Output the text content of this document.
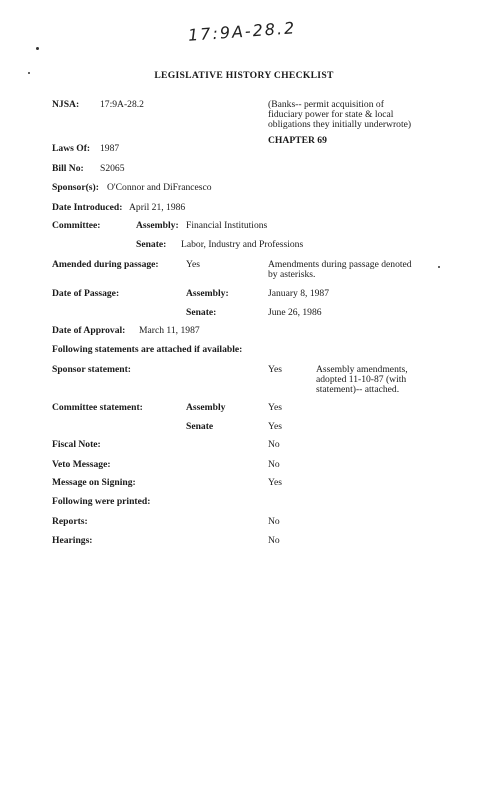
17:9A-28.2
LEGISLATIVE HISTORY CHECKLIST
NJSA: 17:9A-28.2	(Banks-- permit acquisition of
fiduciary power for state & local
obligations they initially underwrote)
CHAPTER 69
Laws Of: 1987
Bill No: S2065
Sponsor(s): O'Connor and DiFrancesco
Date Introduced: April 21, 1986
Committee:	Assembly: Financial Institutions
Senate: Labor, Industry and Professions
Amended during passage:	Yes	Amendments during passage denoted
by asterisks.
Date of Passage:	Assembly:	January 8, 1987
Senate:	June 26, 1986
Date of Approval: March 11, 1987
Following statements are attached if available:
Sponsor statement:	Yes	Assembly amendments,
adopted 11-10-87 (with
statement)-- attached.
Committee statement:	Assembly	Yes
Senate	Yes
Fiscal Note:	No
Veto Message:	No
Message on Signing:	Yes
Following were printed:
Reports:	No
Hearings:	No
